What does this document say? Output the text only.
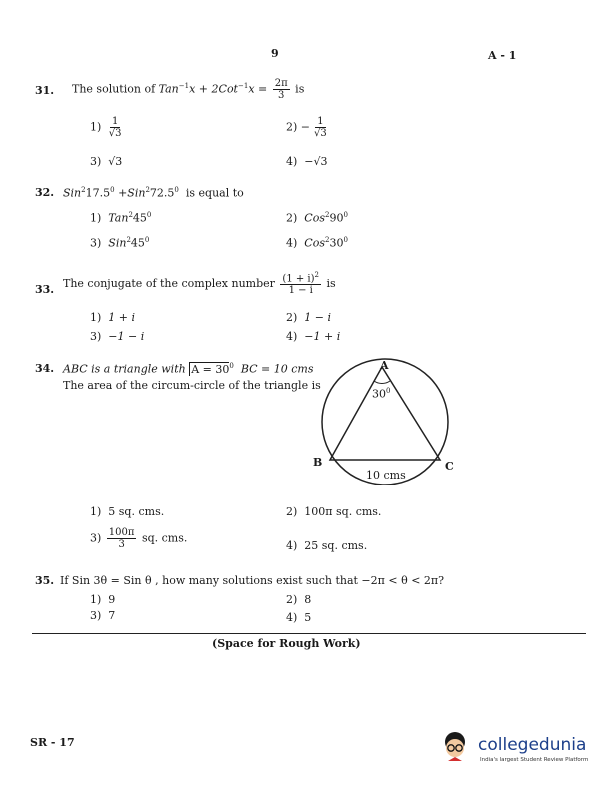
9	A - 1
31. The solution of $Tan^{-1}x + 2Cot^{-1}x = \frac{2\pi}{3}$ is
$1) \frac{1}{√3}$	$2) - \frac{1}{√3}$
3) √3	4) −√3
32. $Sin^217.5^0 +Sin^272.5^0$ is equal to
1) $Tan^245^0$	2) $Cos^290^0$
3) $Sin^245^0$	4) $Cos^230^0$
33. The conjugate of the complex number $\frac{(1 + i)^2}{1 - i}$ is
1) 1 + i	2) 1 − i
3) −1 − i	4) −1 + i
34. ABC is a triangle with $A = 30^0$ BC = 10 cms
The area of the circum-circle of the triangle is
A
$30^0$
B	C
10 cms
1) 5 sq. cms.	2) 100π sq. cms.
$3) \frac{100\pi}{3}$ sq. cms.
4) 25 sq. cms.
35. If Sin 3θ = Sin θ , how many solutions exist such that −2π < θ < 2π?
1) 9	2) 8
3) 7	4) 5
(Space for Rough Work)
SR - 17	collegedunia
India's largest Student Review Platform
